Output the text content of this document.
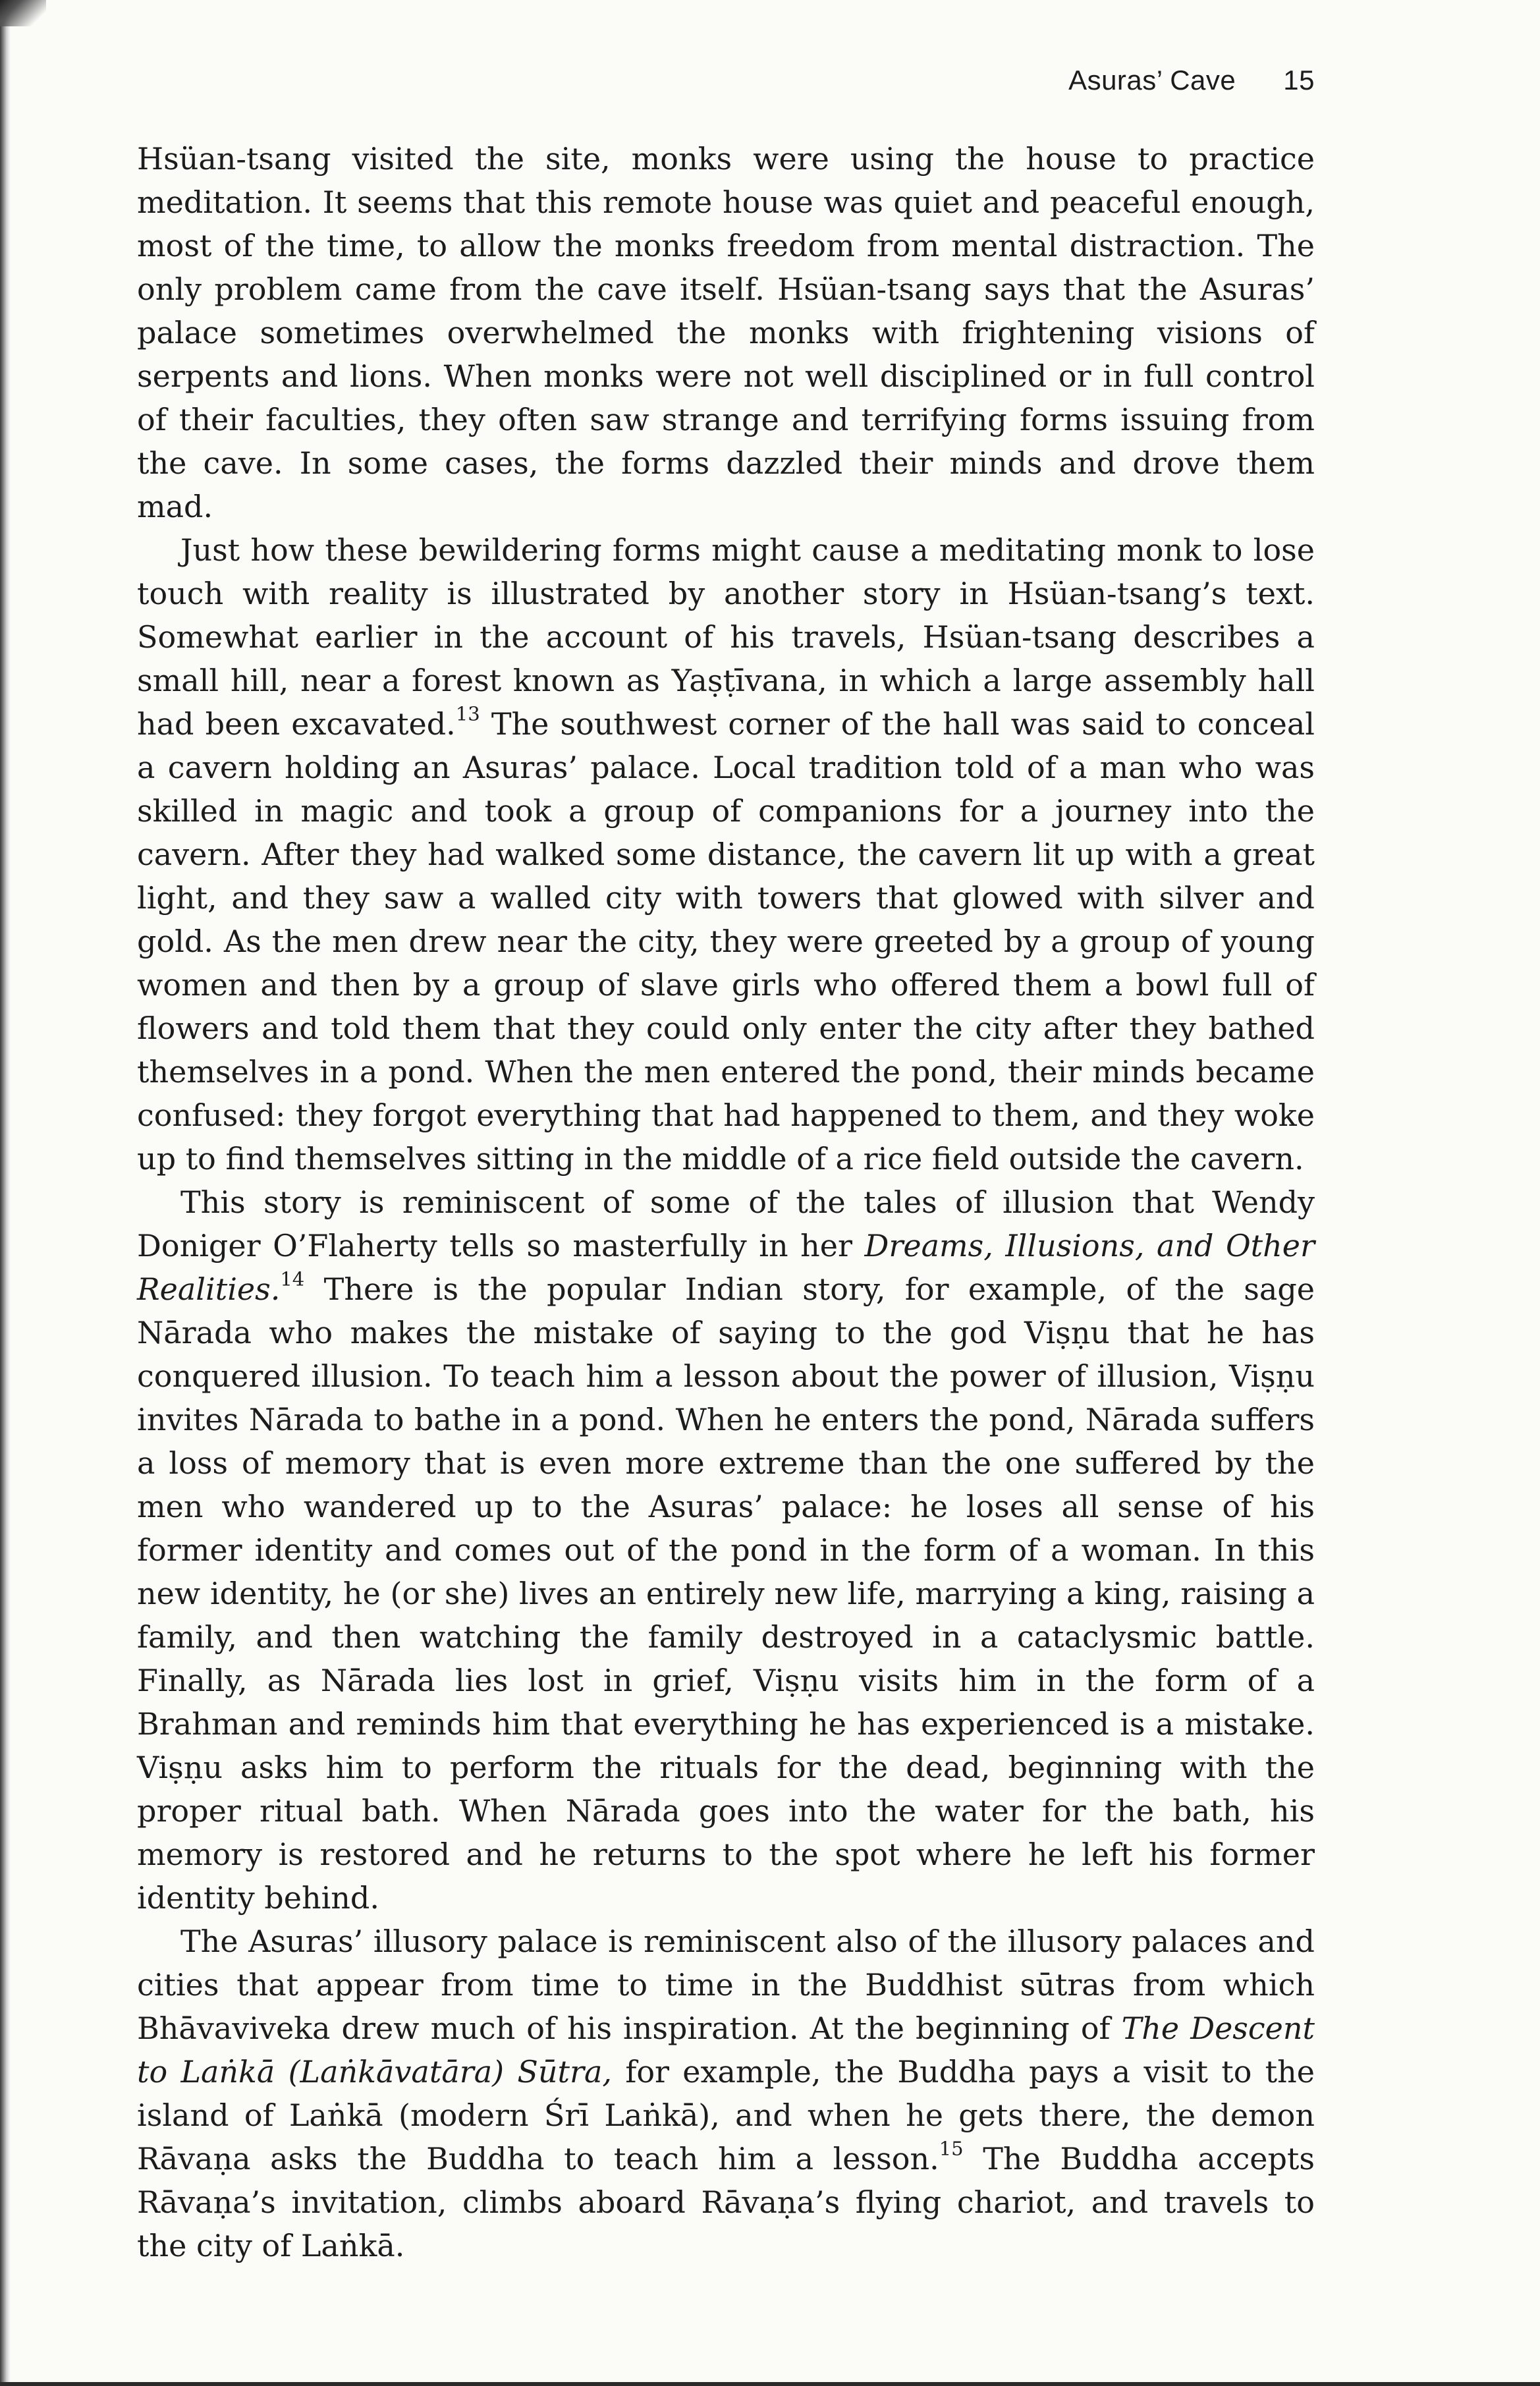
Asuras’ Cave 15

Hsüan-tsang visited the site, monks were using the house to practice meditation. It seems that this remote house was quiet and peaceful enough, most of the time, to allow the monks freedom from mental distraction. The only problem came from the cave itself. Hsüan-tsang says that the Asuras’ palace sometimes overwhelmed the monks with frightening visions of serpents and lions. When monks were not well disciplined or in full control of their faculties, they often saw strange and terrifying forms issuing from the cave. In some cases, the forms dazzled their minds and drove them mad.

Just how these bewildering forms might cause a meditating monk to lose touch with reality is illustrated by another story in Hsüan-tsang’s text. Somewhat earlier in the account of his travels, Hsüan-tsang describes a small hill, near a forest known as Yaṣṭīvana, in which a large assembly hall had been excavated.$^{13}$ The southwest corner of the hall was said to conceal a cavern holding an Asuras’ palace. Local tradition told of a man who was skilled in magic and took a group of companions for a journey into the cavern. After they had walked some distance, the cavern lit up with a great light, and they saw a walled city with towers that glowed with silver and gold. As the men drew near the city, they were greeted by a group of young women and then by a group of slave girls who offered them a bowl full of flowers and told them that they could only enter the city after they bathed themselves in a pond. When the men entered the pond, their minds became confused: they forgot everything that had happened to them, and they woke up to find themselves sitting in the middle of a rice field outside the cavern.

This story is reminiscent of some of the tales of illusion that Wendy Doniger O’Flaherty tells so masterfully in her Dreams, Illusions, and Other Realities.$^{14}$ There is the popular Indian story, for example, of the sage Nārada who makes the mistake of saying to the god Viṣṇu that he has conquered illusion. To teach him a lesson about the power of illusion, Viṣṇu invites Nārada to bathe in a pond. When he enters the pond, Nārada suffers a loss of memory that is even more extreme than the one suffered by the men who wandered up to the Asuras’ palace: he loses all sense of his former identity and comes out of the pond in the form of a woman. In this new identity, he (or she) lives an entirely new life, marrying a king, raising a family, and then watching the family destroyed in a cataclysmic battle. Finally, as Nārada lies lost in grief, Viṣṇu visits him in the form of a Brahman and reminds him that everything he has experienced is a mistake. Viṣṇu asks him to perform the rituals for the dead, beginning with the proper ritual bath. When Nārada goes into the water for the bath, his memory is restored and he returns to the spot where he left his former identity behind.

The Asuras’ illusory palace is reminiscent also of the illusory palaces and cities that appear from time to time in the Buddhist sūtras from which Bhāvaviveka drew much of his inspiration. At the beginning of The Descent to Laṅkā (Laṅkāvatāra) Sūtra, for example, the Buddha pays a visit to the island of Laṅkā (modern Śrī Laṅkā), and when he gets there, the demon Rāvaṇa asks the Buddha to teach him a lesson.$^{15}$ The Buddha accepts Rāvaṇa’s invitation, climbs aboard Rāvaṇa’s flying chariot, and travels to the city of Laṅkā.
